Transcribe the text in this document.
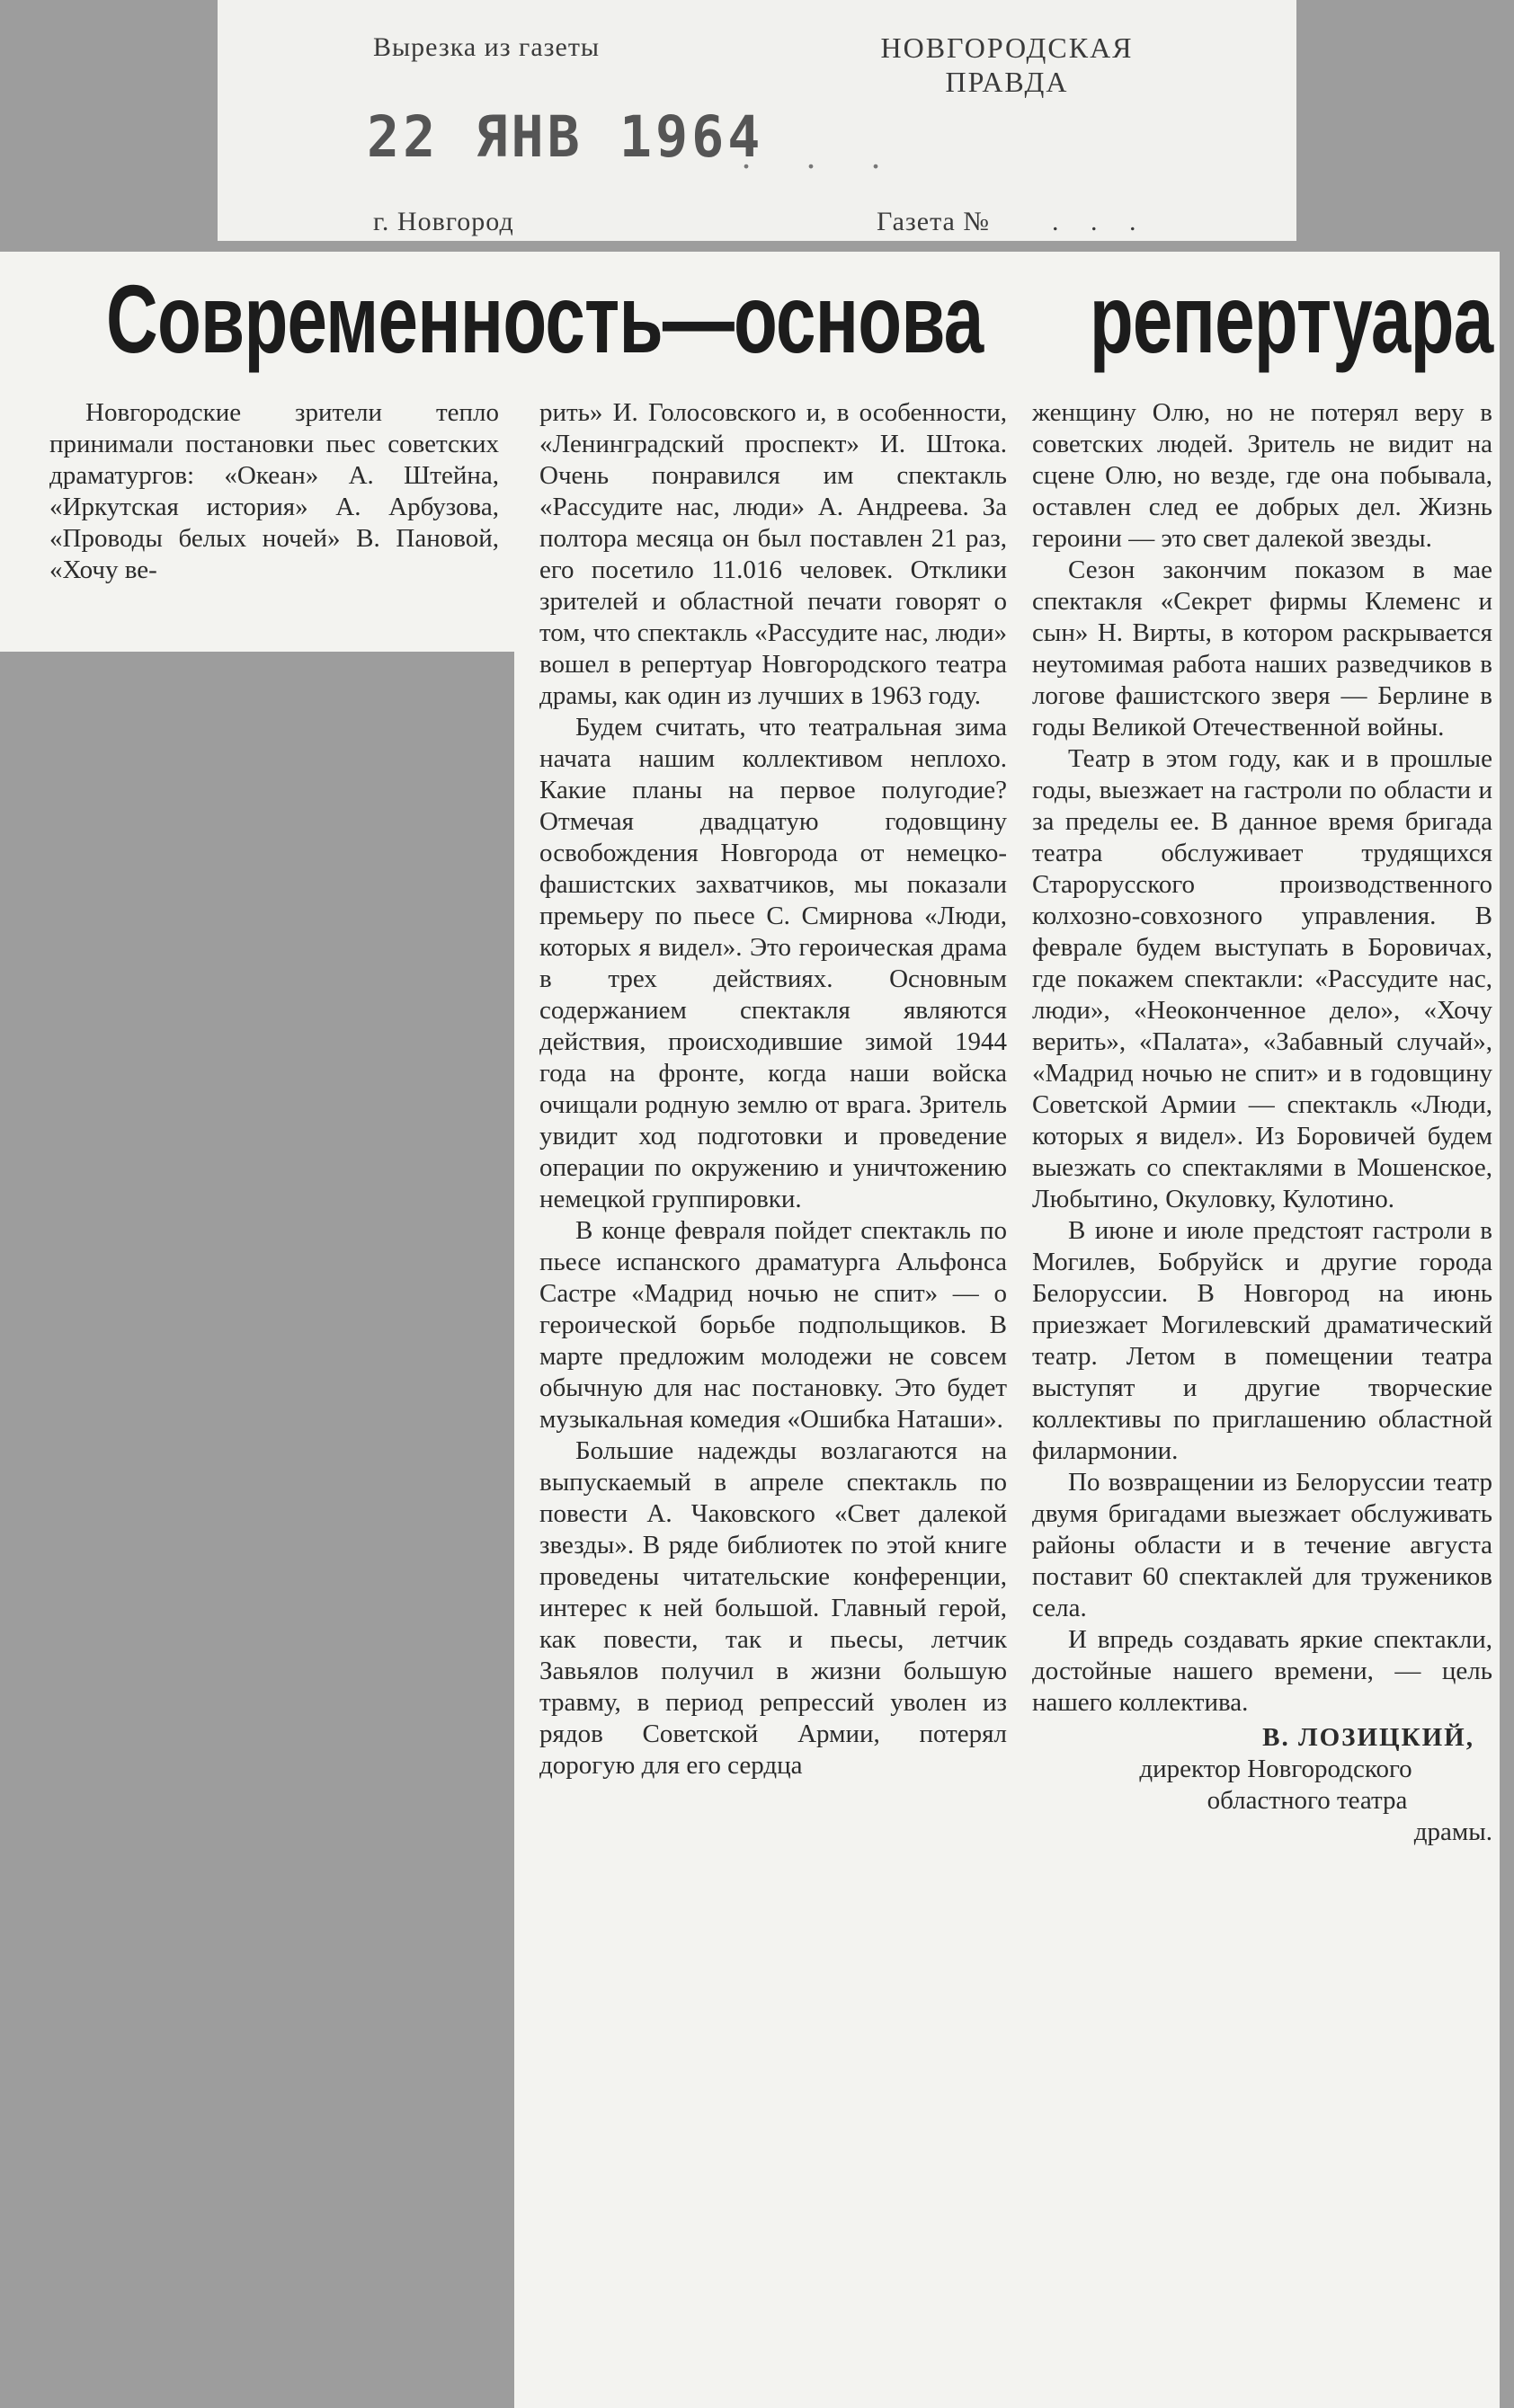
Вырезка из газеты	НОВГОРОДСКАЯ
ПРАВДА
22 ЯНВ 1964
. . .
г. Новгород	Газета № . . .
Современность—основа репертуара

Новгородские зрители тепло принимали постановки пьес советских драматургов: «Океан» А. Штейна, «Иркутская история» А. Арбузова, «Проводы белых ночей» В. Пановой, «Хочу ве-

рить» И. Голосовского и, в особенности, «Ленинградский проспект» И. Штока. Очень понравился им спектакль «Рассудите нас, люди» А. Андреева. За полтора месяца он был поставлен 21 раз, его посетило 11.016 человек. Отклики зрителей и областной печати говорят о том, что спектакль «Рассудите нас, люди» вошел в репертуар Новгородского театра драмы, как один из лучших в 1963 году.

Будем считать, что театральная зима начата нашим коллективом неплохо. Какие планы на первое полугодие? Отмечая двадцатую годовщину освобождения Новгорода от немецко-фашистских захватчиков, мы показали премьеру по пьесе С. Смирнова «Люди, которых я видел». Это героическая драма в трех действиях. Основным содержанием спектакля являются действия, происходившие зимой 1944 года на фронте, когда наши войска очищали родную землю от врага. Зритель увидит ход подготовки и проведение операции по окружению и уничтожению немецкой группировки.

В конце февраля пойдет спектакль по пьесе испанского драматурга Альфонса Састре «Мадрид ночью не спит» — о героической борьбе подпольщиков. В марте предложим молодежи не совсем обычную для нас постановку. Это будет музыкальная комедия «Ошибка Наташи».

Большие надежды возлагаются на выпускаемый в апреле спектакль по повести А. Чаковского «Свет далекой звезды». В ряде библиотек по этой книге проведены читательские конференции, интерес к ней большой. Главный герой, как повести, так и пьесы, летчик Завьялов получил в жизни большую травму, в период репрессий уволен из рядов Советской Армии, потерял дорогую для его сердца

женщину Олю, но не потерял веру в советских людей. Зритель не видит на сцене Олю, но везде, где она побывала, оставлен след ее добрых дел. Жизнь героини — это свет далекой звезды.

Сезон закончим показом в мае спектакля «Секрет фирмы Клеменс и сын» Н. Вирты, в котором раскрывается неутомимая работа наших разведчиков в логове фашистского зверя — Берлине в годы Великой Отечественной войны.

Театр в этом году, как и в прошлые годы, выезжает на гастроли по области и за пределы ее. В данное время бригада театра обслуживает трудящихся Старорусского производственного колхозно-совхозного управления. В феврале будем выступать в Боровичах, где покажем спектакли: «Рассудите нас, люди», «Неоконченное дело», «Хочу верить», «Палата», «Забавный случай», «Мадрид ночью не спит» и в годовщину Советской Армии — спектакль «Люди, которых я видел». Из Боровичей будем выезжать со спектаклями в Мошенское, Любытино, Окуловку, Кулотино.

В июне и июле предстоят гастроли в Могилев, Бобруйск и другие города Белоруссии. В Новгород на июнь приезжает Могилевский драматический театр. Летом в помещении театра выступят и другие творческие коллективы по приглашению областной филармонии.

По возвращении из Белоруссии театр двумя бригадами выезжает обслуживать районы области и в течение августа поставит 60 спектаклей для тружеников села.

И впредь создавать яркие спектакли, достойные нашего времени, — цель нашего коллектива.

В. ЛОЗИЦКИЙ,
директор Новгородского
областного театра
драмы.
